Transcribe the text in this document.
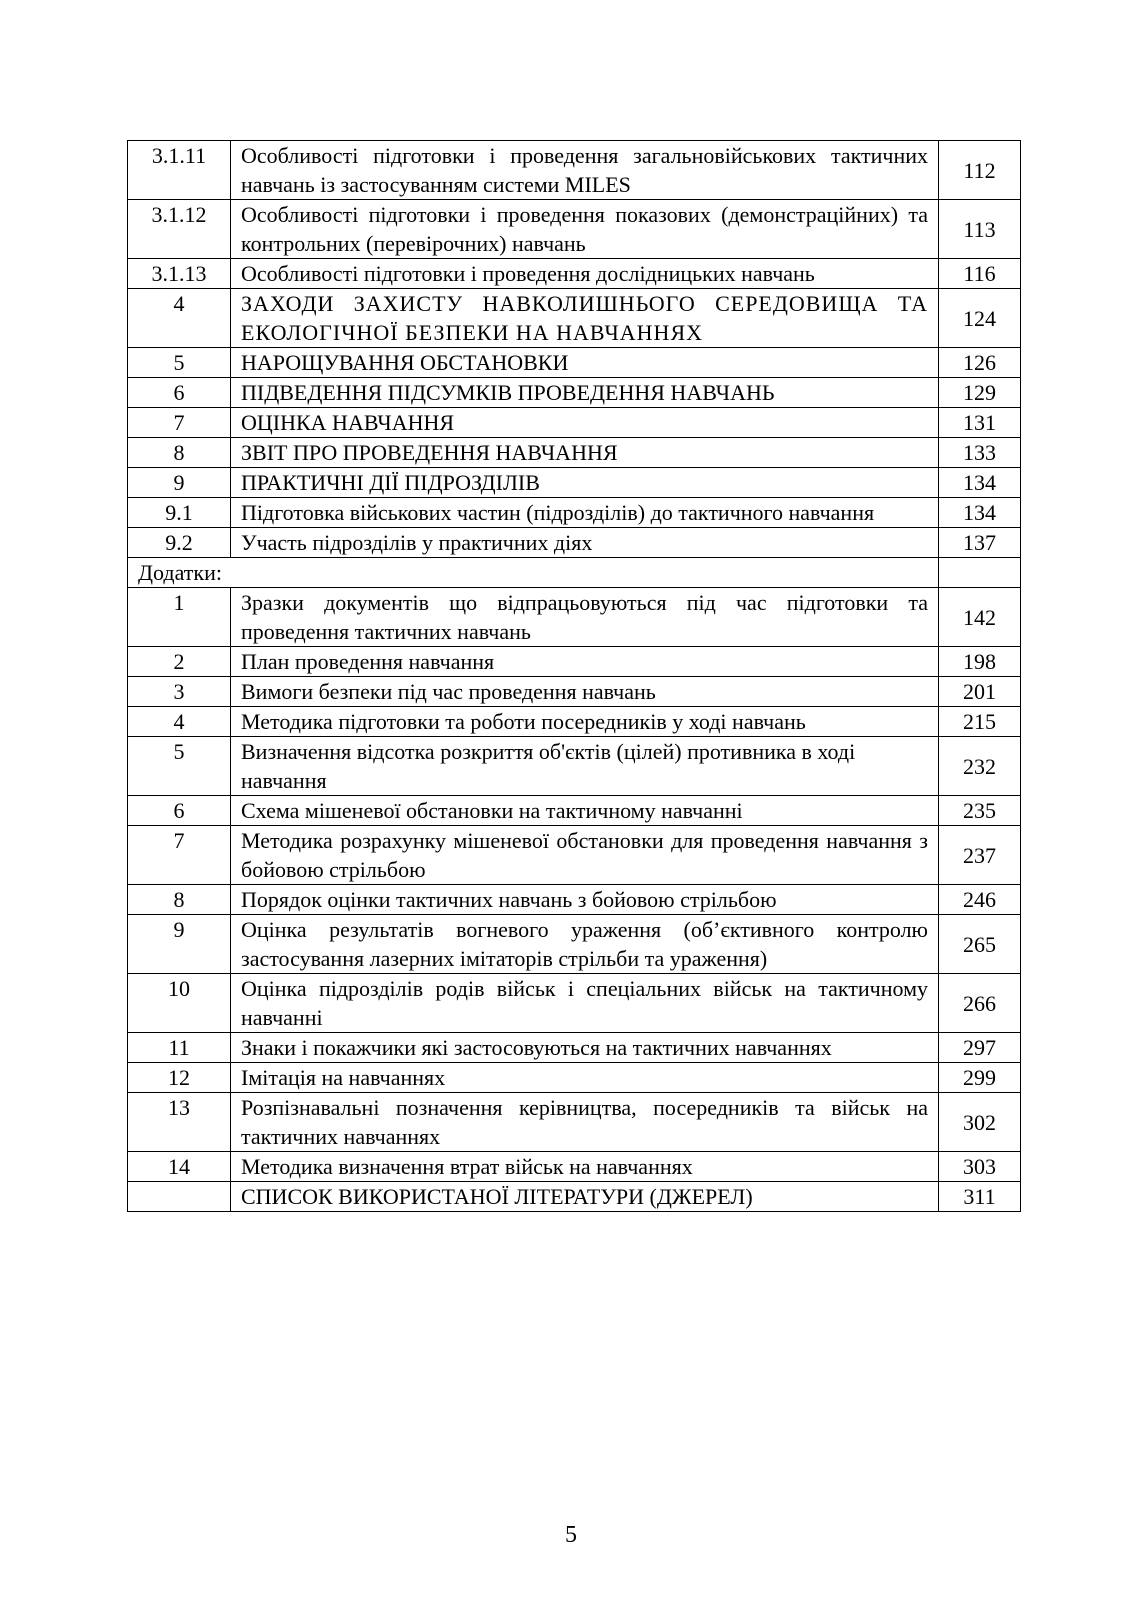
3.1.11	Особливості підготовки і проведення загальновійськових тактичних навчань із застосуванням системи MILES	112
3.1.12	Особливості підготовки і проведення показових (демонстраційних) та контрольних (перевірочних) навчань	113
3.1.13	Особливості підготовки і проведення дослідницьких навчань	116
4	ЗАХОДИ ЗАХИСТУ НАВКОЛИШНЬОГО СЕРЕДОВИЩА ТА ЕКОЛОГІЧНОЇ БЕЗПЕКИ НА НАВЧАННЯХ	124
5	НАРОЩУВАННЯ ОБСТАНОВКИ	126
6	ПІДВЕДЕННЯ ПІДСУМКІВ ПРОВЕДЕННЯ НАВЧАНЬ	129
7	ОЦІНКА НАВЧАННЯ	131
8	ЗВІТ ПРО ПРОВЕДЕННЯ НАВЧАННЯ	133
9	ПРАКТИЧНІ ДІЇ ПІДРОЗДІЛІВ	134
9.1	Підготовка військових частин (підрозділів) до тактичного навчання	134
9.2	Участь підрозділів у практичних діях	137
Додатки:		
1	Зразки документів що відпрацьовуються під час підготовки та проведення тактичних навчань	142
2	План проведення навчання	198
3	Вимоги безпеки під час проведення навчань	201
4	Методика підготовки та роботи посередників у ході навчань	215
5	Визначення відсотка розкриття об'єктів (цілей) противника в ході навчання	232
6	Схема мішеневої обстановки на тактичному навчанні	235
7	Методика розрахунку мішеневої обстановки для проведення навчання з бойовою стрільбою	237
8	Порядок оцінки тактичних навчань з бойовою стрільбою	246
9	Оцінка результатів вогневого ураження (об’єктивного контролю застосування лазерних імітаторів стрільби та ураження)	265
10	Оцінка підрозділів родів військ і спеціальних військ на тактичному навчанні	266
11	Знаки і покажчики які застосовуються на тактичних навчаннях	297
12	Імітація на навчаннях	299
13	Розпізнавальні позначення керівництва, посередників та військ на тактичних навчаннях	302
14	Методика визначення втрат військ на навчаннях	303
	СПИСОК ВИКОРИСТАНОЇ ЛІТЕРАТУРИ (ДЖЕРЕЛ)	311
5
